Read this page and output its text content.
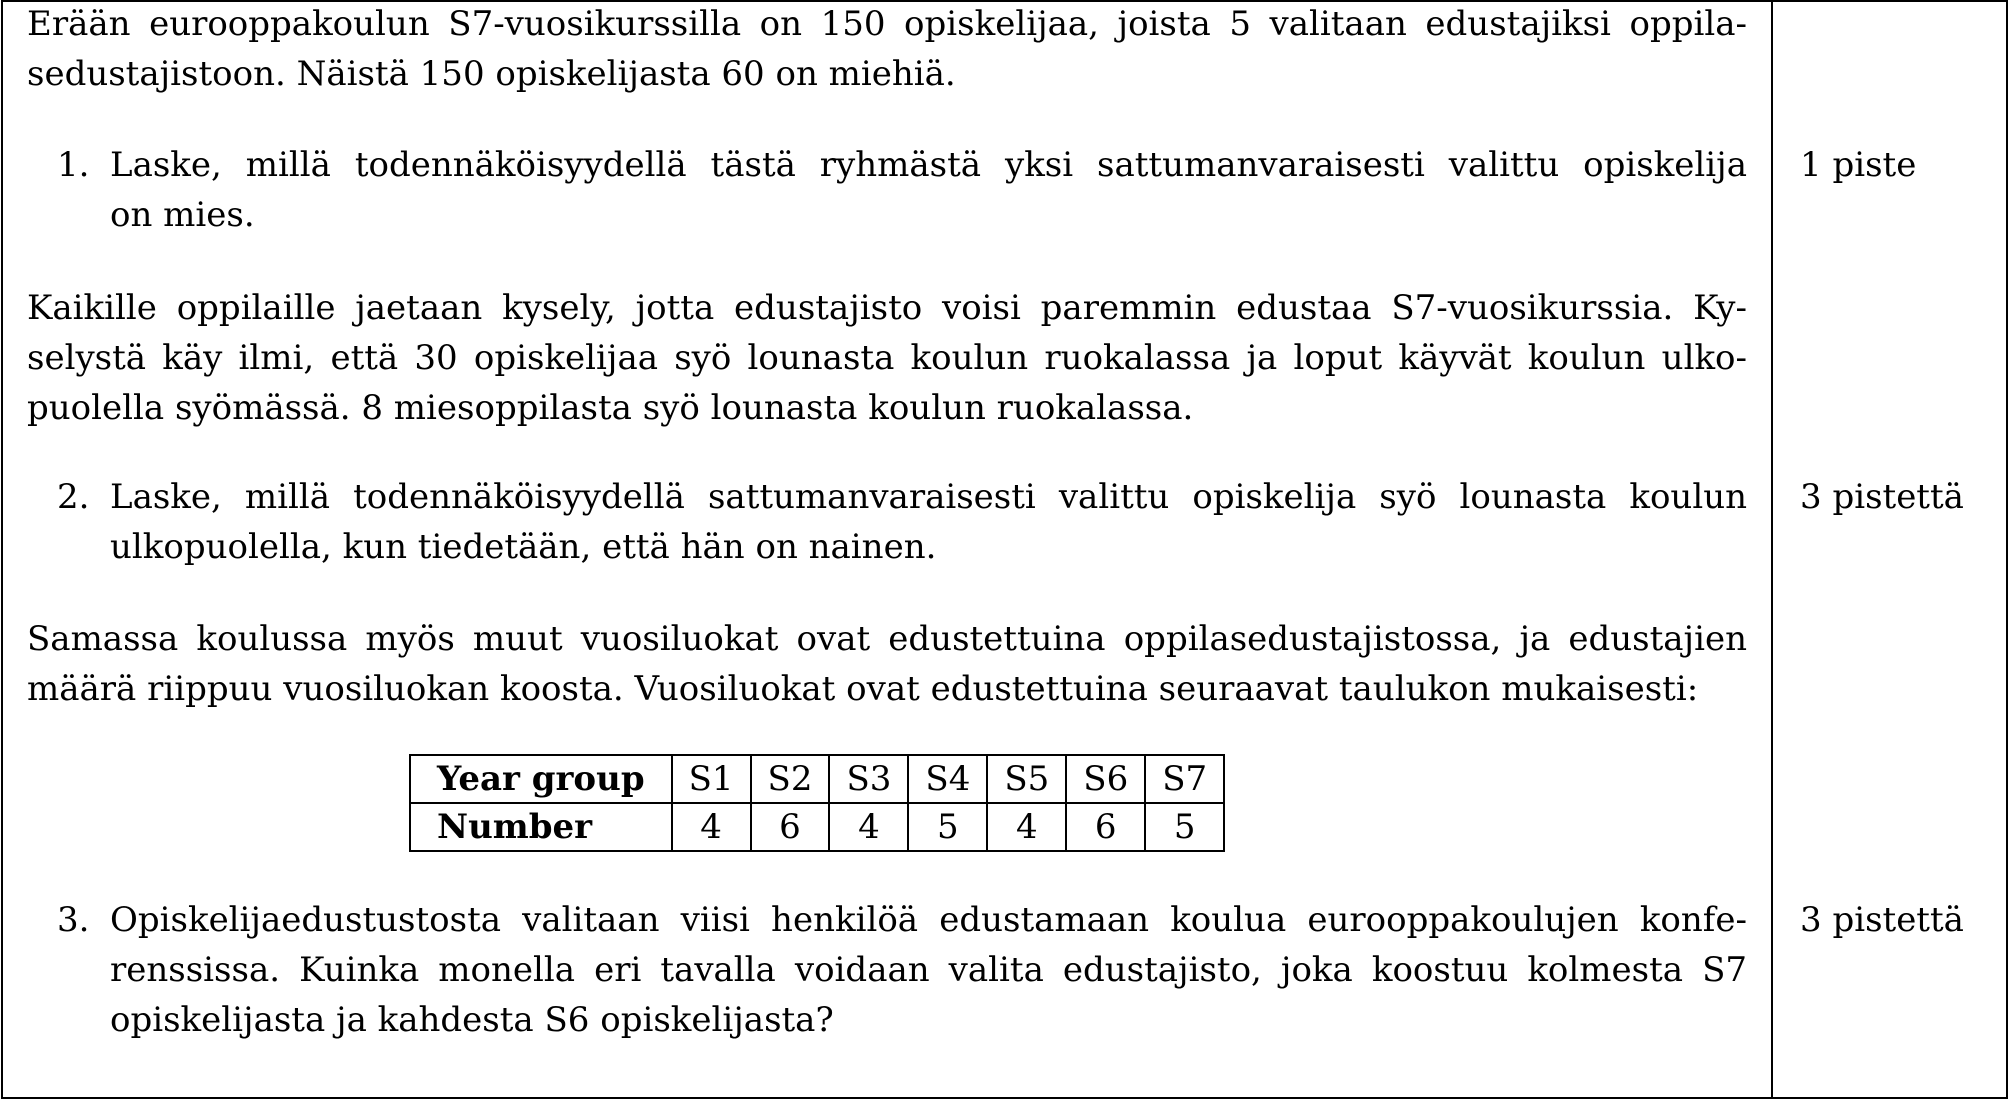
Erään eurooppakoulun S7-vuosikurssilla on 150 opiskelijaa, joista 5 valitaan edustajiksi oppila-
sedustajistoon. Näistä 150 opiskelijasta 60 on miehiä.
1. Laske, millä todennäköisyydellä tästä ryhmästä yksi sattumanvaraisesti valittu opiskelija
on mies.
1 piste
Kaikille oppilaille jaetaan kysely, jotta edustajisto voisi paremmin edustaa S7-vuosikurssia. Ky-
selystä käy ilmi, että 30 opiskelijaa syö lounasta koulun ruokalassa ja loput käyvät koulun ulko-
puolella syömässä. 8 miesoppilasta syö lounasta koulun ruokalassa.
2. Laske, millä todennäköisyydellä sattumanvaraisesti valittu opiskelija syö lounasta koulun
ulkopuolella, kun tiedetään, että hän on nainen.
3 pistettä
Samassa koulussa myös muut vuosiluokat ovat edustettuina oppilasedustajistossa, ja edustajien
määrä riippuu vuosiluokan koosta. Vuosiluokat ovat edustettuina seuraavat taulukon mukaisesti:
Year group	S1	S2	S3	S4	S5	S6	S7
Number	4	6	4	5	4	6	5
3. Opiskelijaedustustosta valitaan viisi henkilöä edustamaan koulua eurooppakoulujen konfe-
renssissa. Kuinka monella eri tavalla voidaan valita edustajisto, joka koostuu kolmesta S7
opiskelijasta ja kahdesta S6 opiskelijasta?
3 pistettä
